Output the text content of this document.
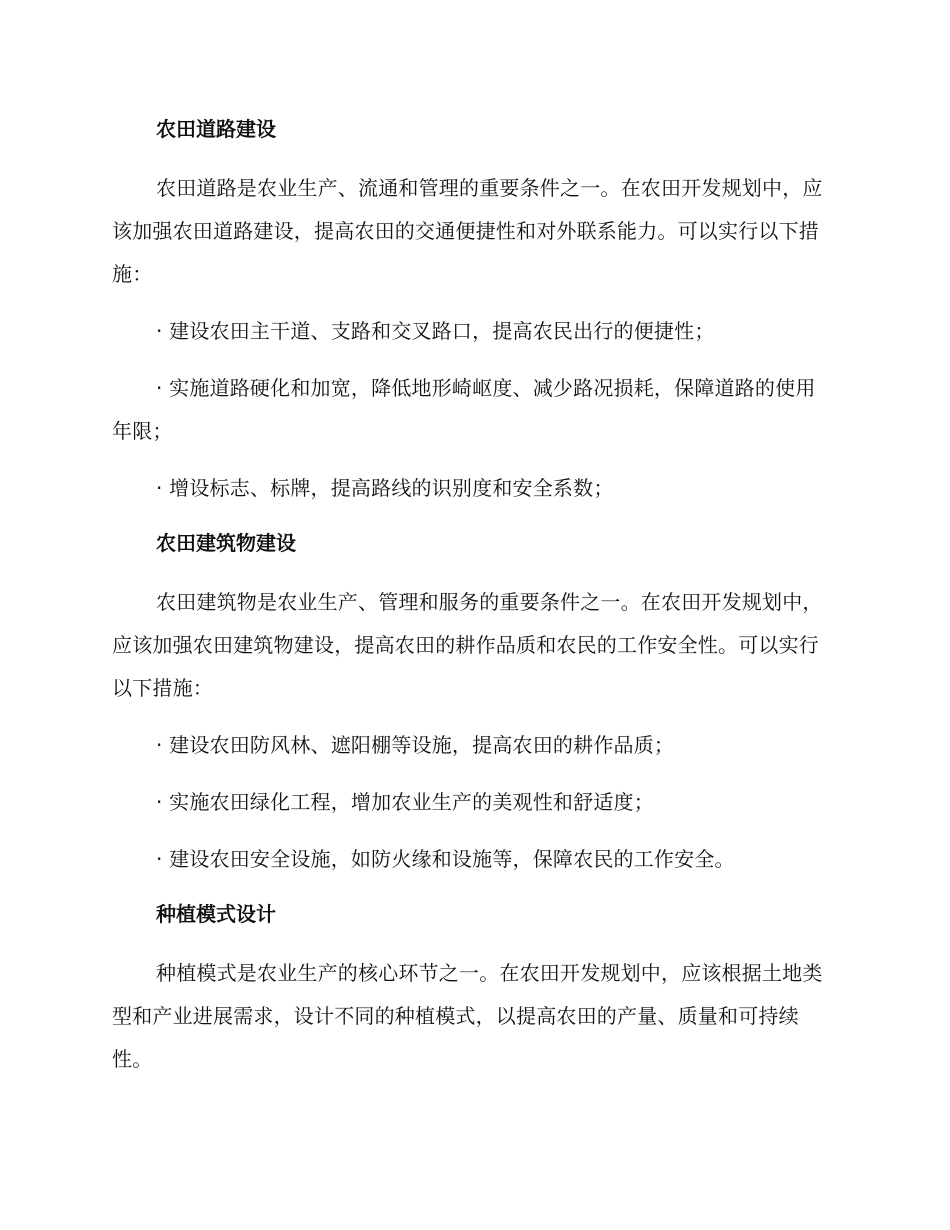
农田道路建设

农田道路是农业生产、流通和管理的重要条件之一。在农田开发规划中，应该加强农田道路建设，提高农田的交通便捷性和对外联系能力。可以实行以下措施：

· 建设农田主干道、支路和交叉路口，提高农民出行的便捷性；

· 实施道路硬化和加宽，降低地形崎岖度、减少路况损耗，保障道路的使用年限；

· 增设标志、标牌，提高路线的识别度和安全系数；

农田建筑物建设

农田建筑物是农业生产、管理和服务的重要条件之一。在农田开发规划中，应该加强农田建筑物建设，提高农田的耕作品质和农民的工作安全性。可以实行以下措施：

· 建设农田防风林、遮阳棚等设施，提高农田的耕作品质；

· 实施农田绿化工程，增加农业生产的美观性和舒适度；

· 建设农田安全设施，如防火缘和设施等，保障农民的工作安全。

种植模式设计

种植模式是农业生产的核心环节之一。在农田开发规划中，应该根据土地类型和产业进展需求，设计不同的种植模式，以提高农田的产量、质量和可持续性。
